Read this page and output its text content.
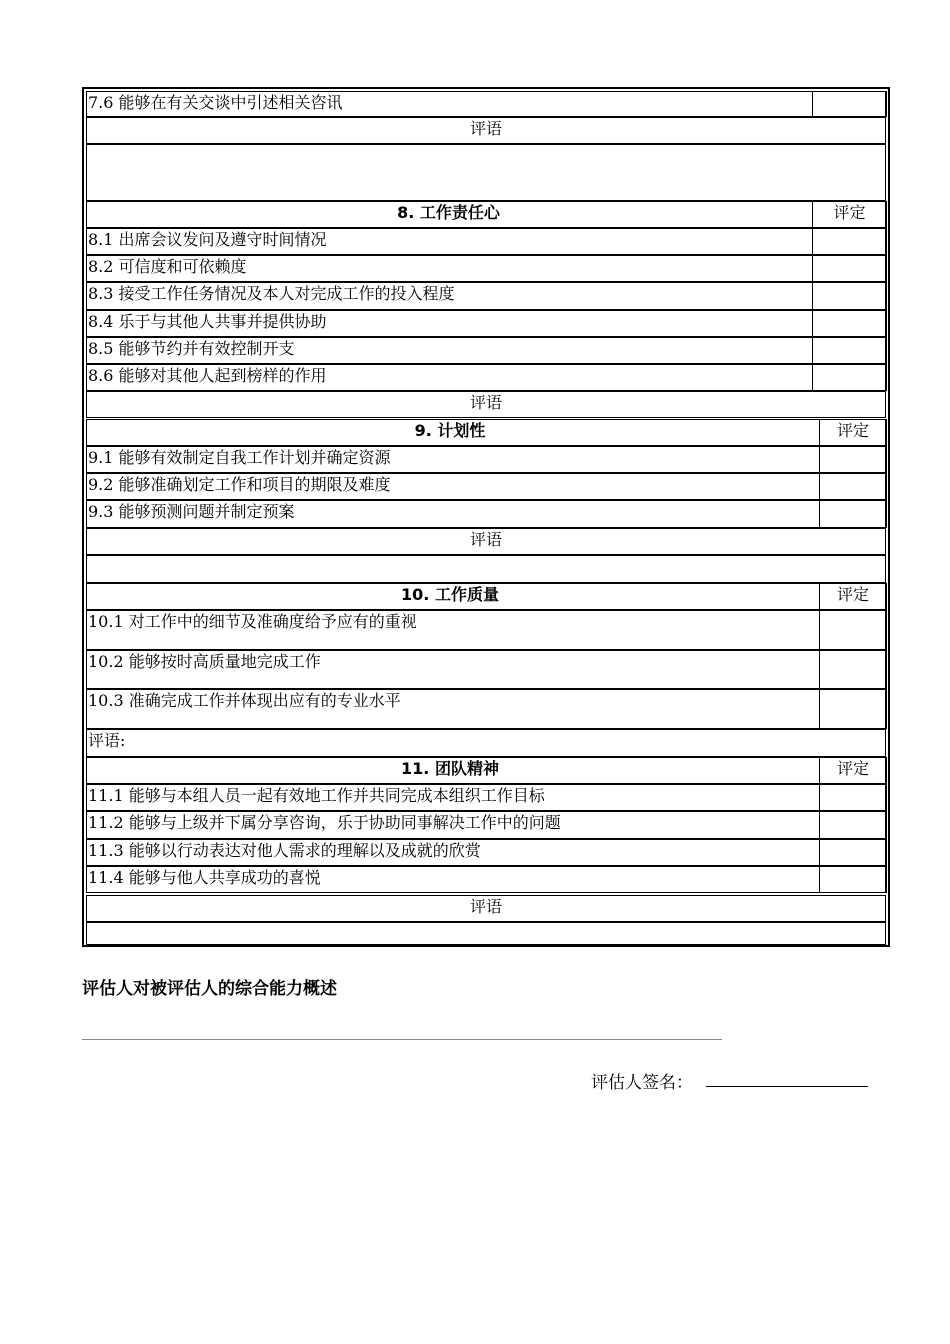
7.6 能够在有关交谈中引述相关咨讯
评语
8. 工作责任心	评定
8.1 出席会议发问及遵守时间情况
8.2 可信度和可依赖度
8.3 接受工作任务情况及本人对完成工作的投入程度
8.4 乐于与其他人共事并提供协助
8.5 能够节约并有效控制开支
8.6 能够对其他人起到榜样的作用
评语
9. 计划性	评定
9.1 能够有效制定自我工作计划并确定资源
9.2 能够准确划定工作和项目的期限及难度
9.3 能够预测问题并制定预案
评语
10. 工作质量	评定
10.1 对工作中的细节及准确度给予应有的重视
10.2 能够按时高质量地完成工作
10.3 准确完成工作并体现出应有的专业水平
评语:
11. 团队精神	评定
11.1 能够与本组人员一起有效地工作并共同完成本组织工作目标
11.2 能够与上级并下属分享咨询，乐于协助同事解决工作中的问题
11.3 能够以行动表达对他人需求的理解以及成就的欣赏
11.4 能够与他人共享成功的喜悦
评语
评估人对被评估人的综合能力概述
评估人签名：
